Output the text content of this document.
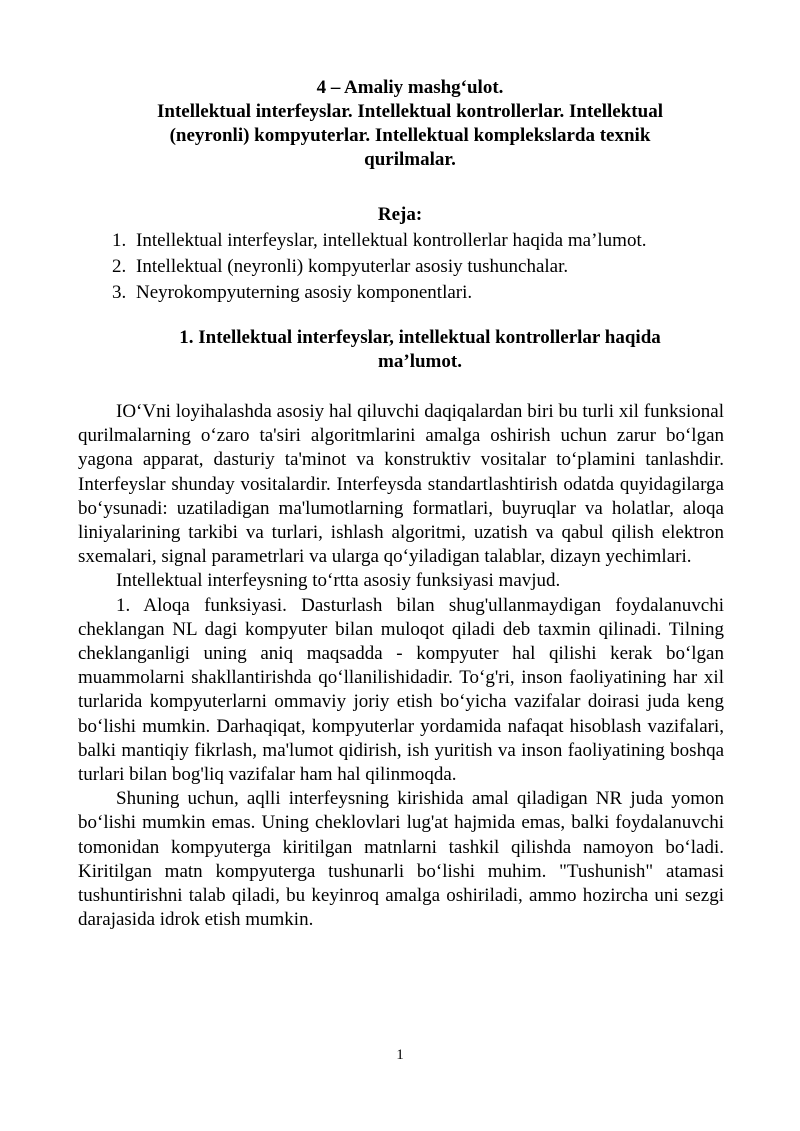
4 – Amaliy mashg‘ulot.
Intellektual interfeyslar. Intellektual kontrollerlar. Intellektual
(neyronli) kompyuterlar. Intellektual komplekslarda texnik
qurilmalar.
Reja:
1. Intellektual interfeyslar, intellektual kontrollerlar haqida ma’lumot.
2. Intellektual (neyronli) kompyuterlar asosiy tushunchalar.
3. Neyrokompyuterning asosiy komponentlari.
1. Intellektual interfeyslar, intellektual kontrollerlar haqida
ma’lumot.

IO‘Vni loyihalashda asosiy hal qiluvchi daqiqalardan biri bu turli xil funksional qurilmalarning o‘zaro ta'siri algoritmlarini amalga oshirish uchun zarur bo‘lgan yagona apparat, dasturiy ta'minot va konstruktiv vositalar to‘plamini tanlashdir. Interfeyslar shunday vositalardir. Interfeysda standartlashtirish odatda quyidagilarga bo‘ysunadi: uzatiladigan ma'lumotlarning formatlari, buyruqlar va holatlar, aloqa liniyalarining tarkibi va turlari, ishlash algoritmi, uzatish va qabul qilish elektron sxemalari, signal parametrlari va ularga qo‘yiladigan talablar, dizayn yechimlari.

Intellektual interfeysning to‘rtta asosiy funksiyasi mavjud.

1. Aloqa funksiyasi. Dasturlash bilan shug'ullanmaydigan foydalanuvchi cheklangan NL dagi kompyuter bilan muloqot qiladi deb taxmin qilinadi. Tilning cheklanganligi uning aniq maqsadda - kompyuter hal qilishi kerak bo‘lgan muammolarni shakllantirishda qo‘llanilishidadir. To‘g'ri, inson faoliyatining har xil turlarida kompyuterlarni ommaviy joriy etish bo‘yicha vazifalar doirasi juda keng bo‘lishi mumkin. Darhaqiqat, kompyuterlar yordamida nafaqat hisoblash vazifalari, balki mantiqiy fikrlash, ma'lumot qidirish, ish yuritish va inson faoliyatining boshqa turlari bilan bog'liq vazifalar ham hal qilinmoqda.

Shuning uchun, aqlli interfeysning kirishida amal qiladigan NR juda yomon bo‘lishi mumkin emas. Uning cheklovlari lug'at hajmida emas, balki foydalanuvchi tomonidan kompyuterga kiritilgan matnlarni tashkil qilishda namoyon bo‘ladi. Kiritilgan matn kompyuterga tushunarli bo‘lishi muhim. "Tushunish" atamasi tushuntirishni talab qiladi, bu keyinroq amalga oshiriladi, ammo hozircha uni sezgi darajasida idrok etish mumkin.

1
